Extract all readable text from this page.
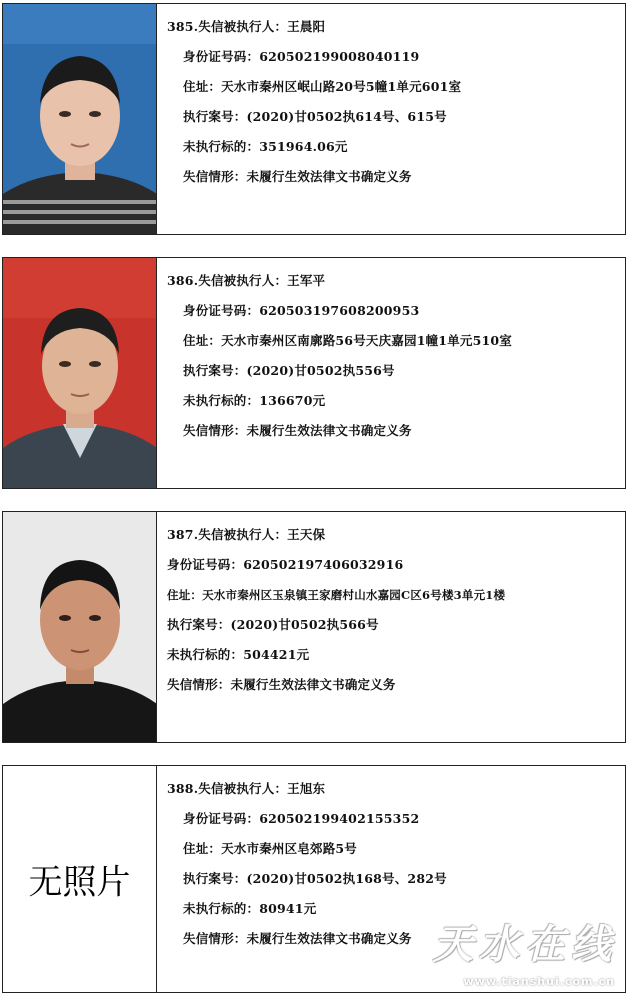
385.失信被执行人：王晨阳
身份证号码：620502199008040119
住址：天水市秦州区岷山路20号5幢1单元601室
执行案号：(2020)甘0502执614号、615号
未执行标的：351964.06元
失信情形：未履行生效法律文书确定义务
386.失信被执行人：王军平
身份证号码：620503197608200953
住址：天水市秦州区南廓路56号天庆嘉园1幢1单元510室
执行案号：(2020)甘0502执556号
未执行标的：136670元
失信情形：未履行生效法律文书确定义务
387.失信被执行人：王天保
身份证号码：620502197406032916
住址：天水市秦州区玉泉镇王家磨村山水嘉园C区6号楼3单元1楼
执行案号：(2020)甘0502执566号
未执行标的：504421元
失信情形：未履行生效法律文书确定义务
无照片
388.失信被执行人：王旭东
身份证号码：620502199402155352
住址：天水市秦州区皂郊路5号
执行案号：(2020)甘0502执168号、282号
未执行标的：80941元
失信情形：未履行生效法律文书确定义务 天水在线
www.tianshui.com.cn
